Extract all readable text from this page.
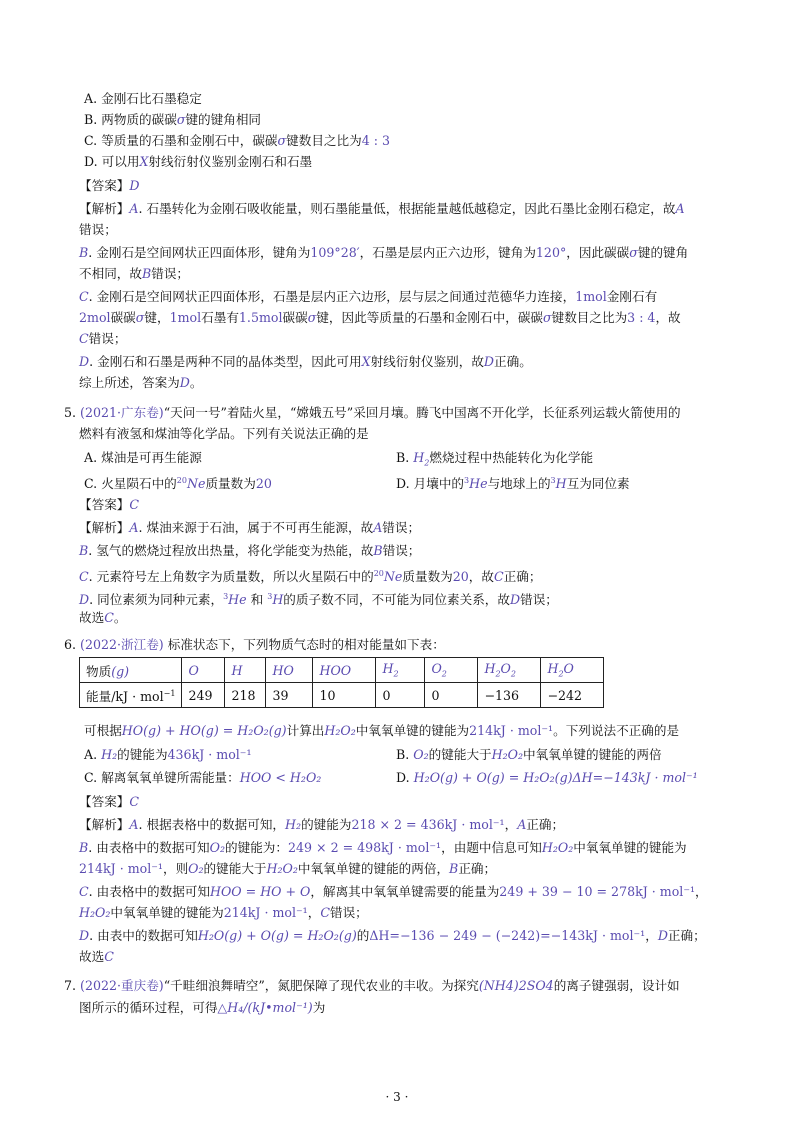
A. 金刚石比石墨稳定
B. 两物质的碳碳σ键的键角相同
C. 等质量的石墨和金刚石中，碳碳σ键数目之比为4 : 3
D. 可以用X射线衍射仪鉴别金刚石和石墨
【答案】D
【解析】A. 石墨转化为金刚石吸收能量，则石墨能量低，根据能量越低越稳定，因此石墨比金刚石稳定，故A
错误；
B. 金刚石是空间网状正四面体形，键角为109°28′，石墨是层内正六边形，键角为120°，因此碳碳σ键的键角
不相同，故B错误；
C. 金刚石是空间网状正四面体形，石墨是层内正六边形，层与层之间通过范德华力连接，1mol金刚石有
2mol碳碳σ键，1mol石墨有1.5mol碳碳σ键，因此等质量的石墨和金刚石中，碳碳σ键数目之比为3 : 4，故
C错误；
D. 金刚石和石墨是两种不同的晶体类型，因此可用X射线衍射仪鉴别，故D正确。
综上所述，答案为D。
5. (2021·广东卷)“天问一号”着陆火星，“嫦娥五号”采回月壤。腾飞中国离不开化学，长征系列运载火箭使用的
燃料有液氢和煤油等化学品。下列有关说法正确的是
A. 煤油是可再生能源	B. $H_2$燃烧过程中热能转化为化学能
C. 火星陨石中的$^{20}$Ne质量数为20	D. 月壤中的$^3$He与地球上的$^3$H互为同位素
【答案】C
【解析】A. 煤油来源于石油，属于不可再生能源，故A错误；
B. 氢气的燃烧过程放出热量，将化学能变为热能，故B错误；
C. 元素符号左上角数字为质量数，所以火星陨石中的$^{20}$Ne质量数为20，故C正确；
D. 同位素须为同种元素，$^3$He 和 $^3$H的质子数不同，不可能为同位素关系，故D错误；
故选C。
6. (2022·浙江卷) 标准状态下，下列物质气态时的相对能量如下表：
物质(g)	O	H	HO	HOO	$H_2$	$O_2$	$H_2O_2$	$H_2O$
能量/kJ · mol$^{-1}$	249	218	39	10	0	0	−136	−242
可根据HO(g) + HO(g) = H₂O₂(g)计算出H₂O₂中氧氧单键的键能为214kJ · mol⁻¹。下列说法不正确的是
A. H₂的键能为436kJ · mol⁻¹	B. O₂的键能大于H₂O₂中氧氧单键的键能的两倍
C. 解离氧氧单键所需能量：HOO < H₂O₂	D. H₂O(g) + O(g) = H₂O₂(g)ΔH=−143kJ · mol⁻¹
【答案】C
【解析】A. 根据表格中的数据可知，H₂的键能为218 × 2 = 436kJ · mol⁻¹，A正确；
B. 由表格中的数据可知O₂的键能为：249 × 2 = 498kJ · mol⁻¹，由题中信息可知H₂O₂中氧氧单键的键能为
214kJ · mol⁻¹，则O₂的键能大于H₂O₂中氧氧单键的键能的两倍，B正确；
C. 由表格中的数据可知HOO = HO + O，解离其中氧氧单键需要的能量为249 + 39 − 10 = 278kJ · mol⁻¹，
H₂O₂中氧氧单键的键能为214kJ · mol⁻¹，C错误；
D. 由表中的数据可知H₂O(g) + O(g) = H₂O₂(g)的ΔH=−136 − 249 − (−242)=−143kJ · mol⁻¹，D正确；
故选C
7. (2022·重庆卷)“千畦细浪舞晴空”，氮肥保障了现代农业的丰收。为探究(NH4)2SO4的离子键强弱，设计如
图所示的循环过程，可得△H₄/(kJ•mol⁻¹)为
· 3 ·
